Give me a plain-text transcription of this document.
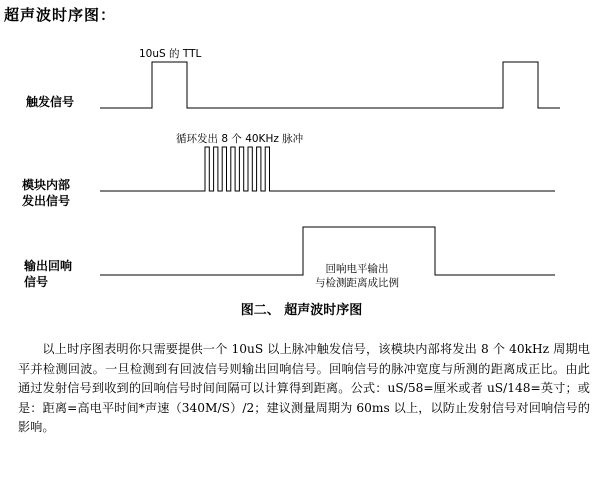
超声波时序图：
触发信号
10uS 的 TTL
模块内部
发出信号
循环发出 8 个 40KHz 脉冲
输出回响
信号
回响电平输出
与检测距离成比例
图二、 超声波时序图
以上时序图表明你只需要提供一个 10uS 以上脉冲触发信号，该模块内部将发出 8 个 40kHz 周期电平并检测回波。一旦检测到有回波信号则输出回响信号。回响信号的脉冲宽度与所测的距离成正比。由此通过发射信号到收到的回响信号时间间隔可以计算得到距离。公式：uS/58=厘米或者 uS/148=英寸；或是：距离=高电平时间*声速（340M/S）/2；建议测量周期为 60ms 以上，以防止发射信号对回响信号的影响。
